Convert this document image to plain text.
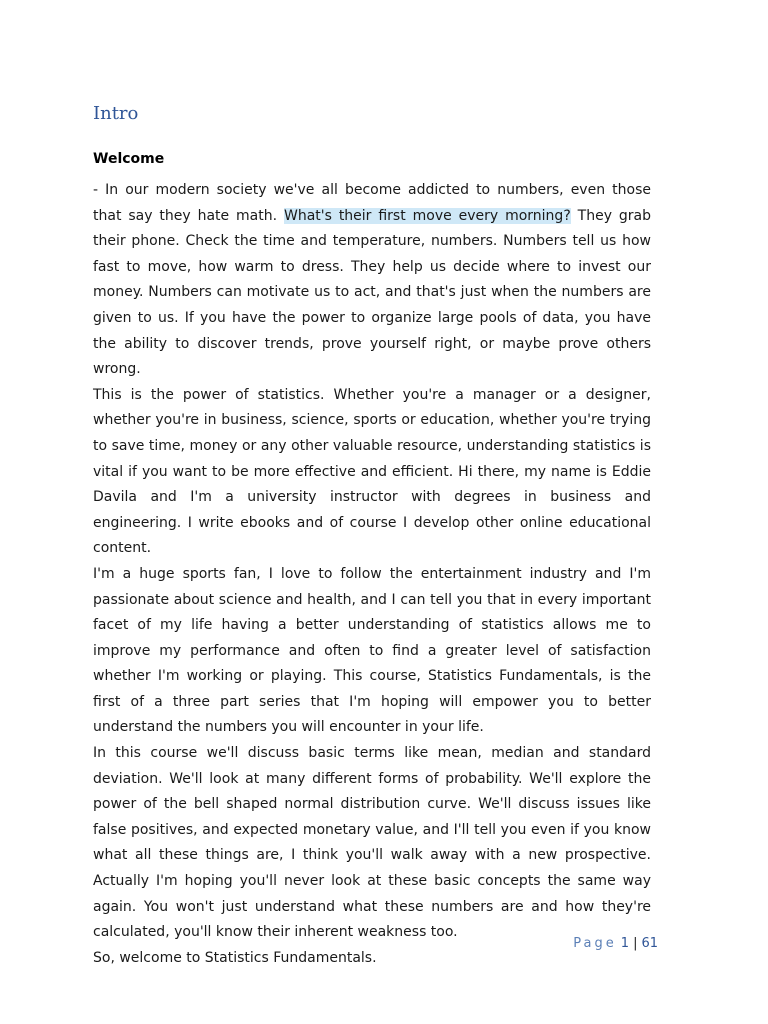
Intro
Welcome

- In our modern society we've all become addicted to numbers, even those that say they hate math. What's their first move every morning? They grab their phone. Check the time and temperature, numbers. Numbers tell us how fast to move, how warm to dress. They help us decide where to invest our money. Numbers can motivate us to act, and that's just when the numbers are given to us. If you have the power to organize large pools of data, you have the ability to discover trends, prove yourself right, or maybe prove others wrong.

This is the power of statistics. Whether you're a manager or a designer, whether you're in business, science, sports or education, whether you're trying to save time, money or any other valuable resource, understanding statistics is vital if you want to be more effective and efficient. Hi there, my name is Eddie Davila and I'm a university instructor with degrees in business and engineering. I write ebooks and of course I develop other online educational content.

I'm a huge sports fan, I love to follow the entertainment industry and I'm passionate about science and health, and I can tell you that in every important facet of my life having a better understanding of statistics allows me to improve my performance and often to find a greater level of satisfaction whether I'm working or playing. This course, Statistics Fundamentals, is the first of a three part series that I'm hoping will empower you to better understand the numbers you will encounter in your life.

In this course we'll discuss basic terms like mean, median and standard deviation. We'll look at many different forms of probability. We'll explore the power of the bell shaped normal distribution curve. We'll discuss issues like false positives, and expected monetary value, and I'll tell you even if you know what all these things are, I think you'll walk away with a new prospective. Actually I'm hoping you'll never look at these basic concepts the same way again. You won't just understand what these numbers are and how they're calculated, you'll know their inherent weakness too.

So, welcome to Statistics Fundamentals.

Page 1 | 61
